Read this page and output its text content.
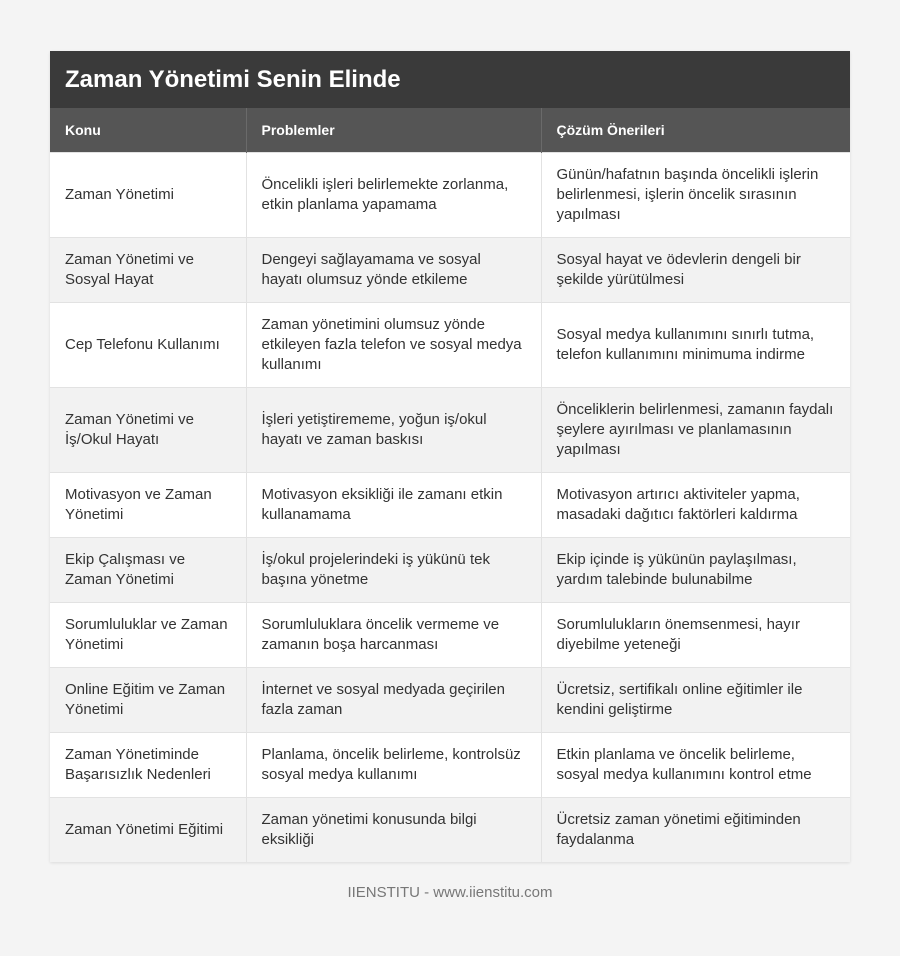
Zaman Yönetimi Senin Elinde
Konu	Problemler	Çözüm Önerileri
Zaman Yönetimi	Öncelikli işleri belirlemekte zorlanma, etkin planlama yapamama	Günün/hafatnın başında öncelikli işlerin belirlenmesi, işlerin öncelik sırasının yapılması
Zaman Yönetimi ve Sosyal Hayat	Dengeyi sağlayamama ve sosyal hayatı olumsuz yönde etkileme	Sosyal hayat ve ödevlerin dengeli bir şekilde yürütülmesi
Cep Telefonu Kullanımı	Zaman yönetimini olumsuz yönde etkileyen fazla telefon ve sosyal medya kullanımı	Sosyal medya kullanımını sınırlı tutma, telefon kullanımını minimuma indirme
Zaman Yönetimi ve İş/Okul Hayatı	İşleri yetiştirememe, yoğun iş/okul hayatı ve zaman baskısı	Önceliklerin belirlenmesi, zamanın faydalı şeylere ayırılması ve planlamasının yapılması
Motivasyon ve Zaman Yönetimi	Motivasyon eksikliği ile zamanı etkin kullanamama	Motivasyon artırıcı aktiviteler yapma, masadaki dağıtıcı faktörleri kaldırma
Ekip Çalışması ve Zaman Yönetimi	İş/okul projelerindeki iş yükünü tek başına yönetme	Ekip içinde iş yükünün paylaşılması, yardım talebinde bulunabilme
Sorumluluklar ve Zaman Yönetimi	Sorumluluklara öncelik vermeme ve zamanın boşa harcanması	Sorumlulukların önemsenmesi, hayır diyebilme yeteneği
Online Eğitim ve Zaman Yönetimi	İnternet ve sosyal medyada geçirilen fazla zaman	Ücretsiz, sertifikalı online eğitimler ile kendini geliştirme
Zaman Yönetiminde Başarısızlık Nedenleri	Planlama, öncelik belirleme, kontrolsüz sosyal medya kullanımı	Etkin planlama ve öncelik belirleme, sosyal medya kullanımını kontrol etme
Zaman Yönetimi Eğitimi	Zaman yönetimi konusunda bilgi eksikliği	Ücretsiz zaman yönetimi eğitiminden faydalanma
IIENSTITU - www.iienstitu.com
